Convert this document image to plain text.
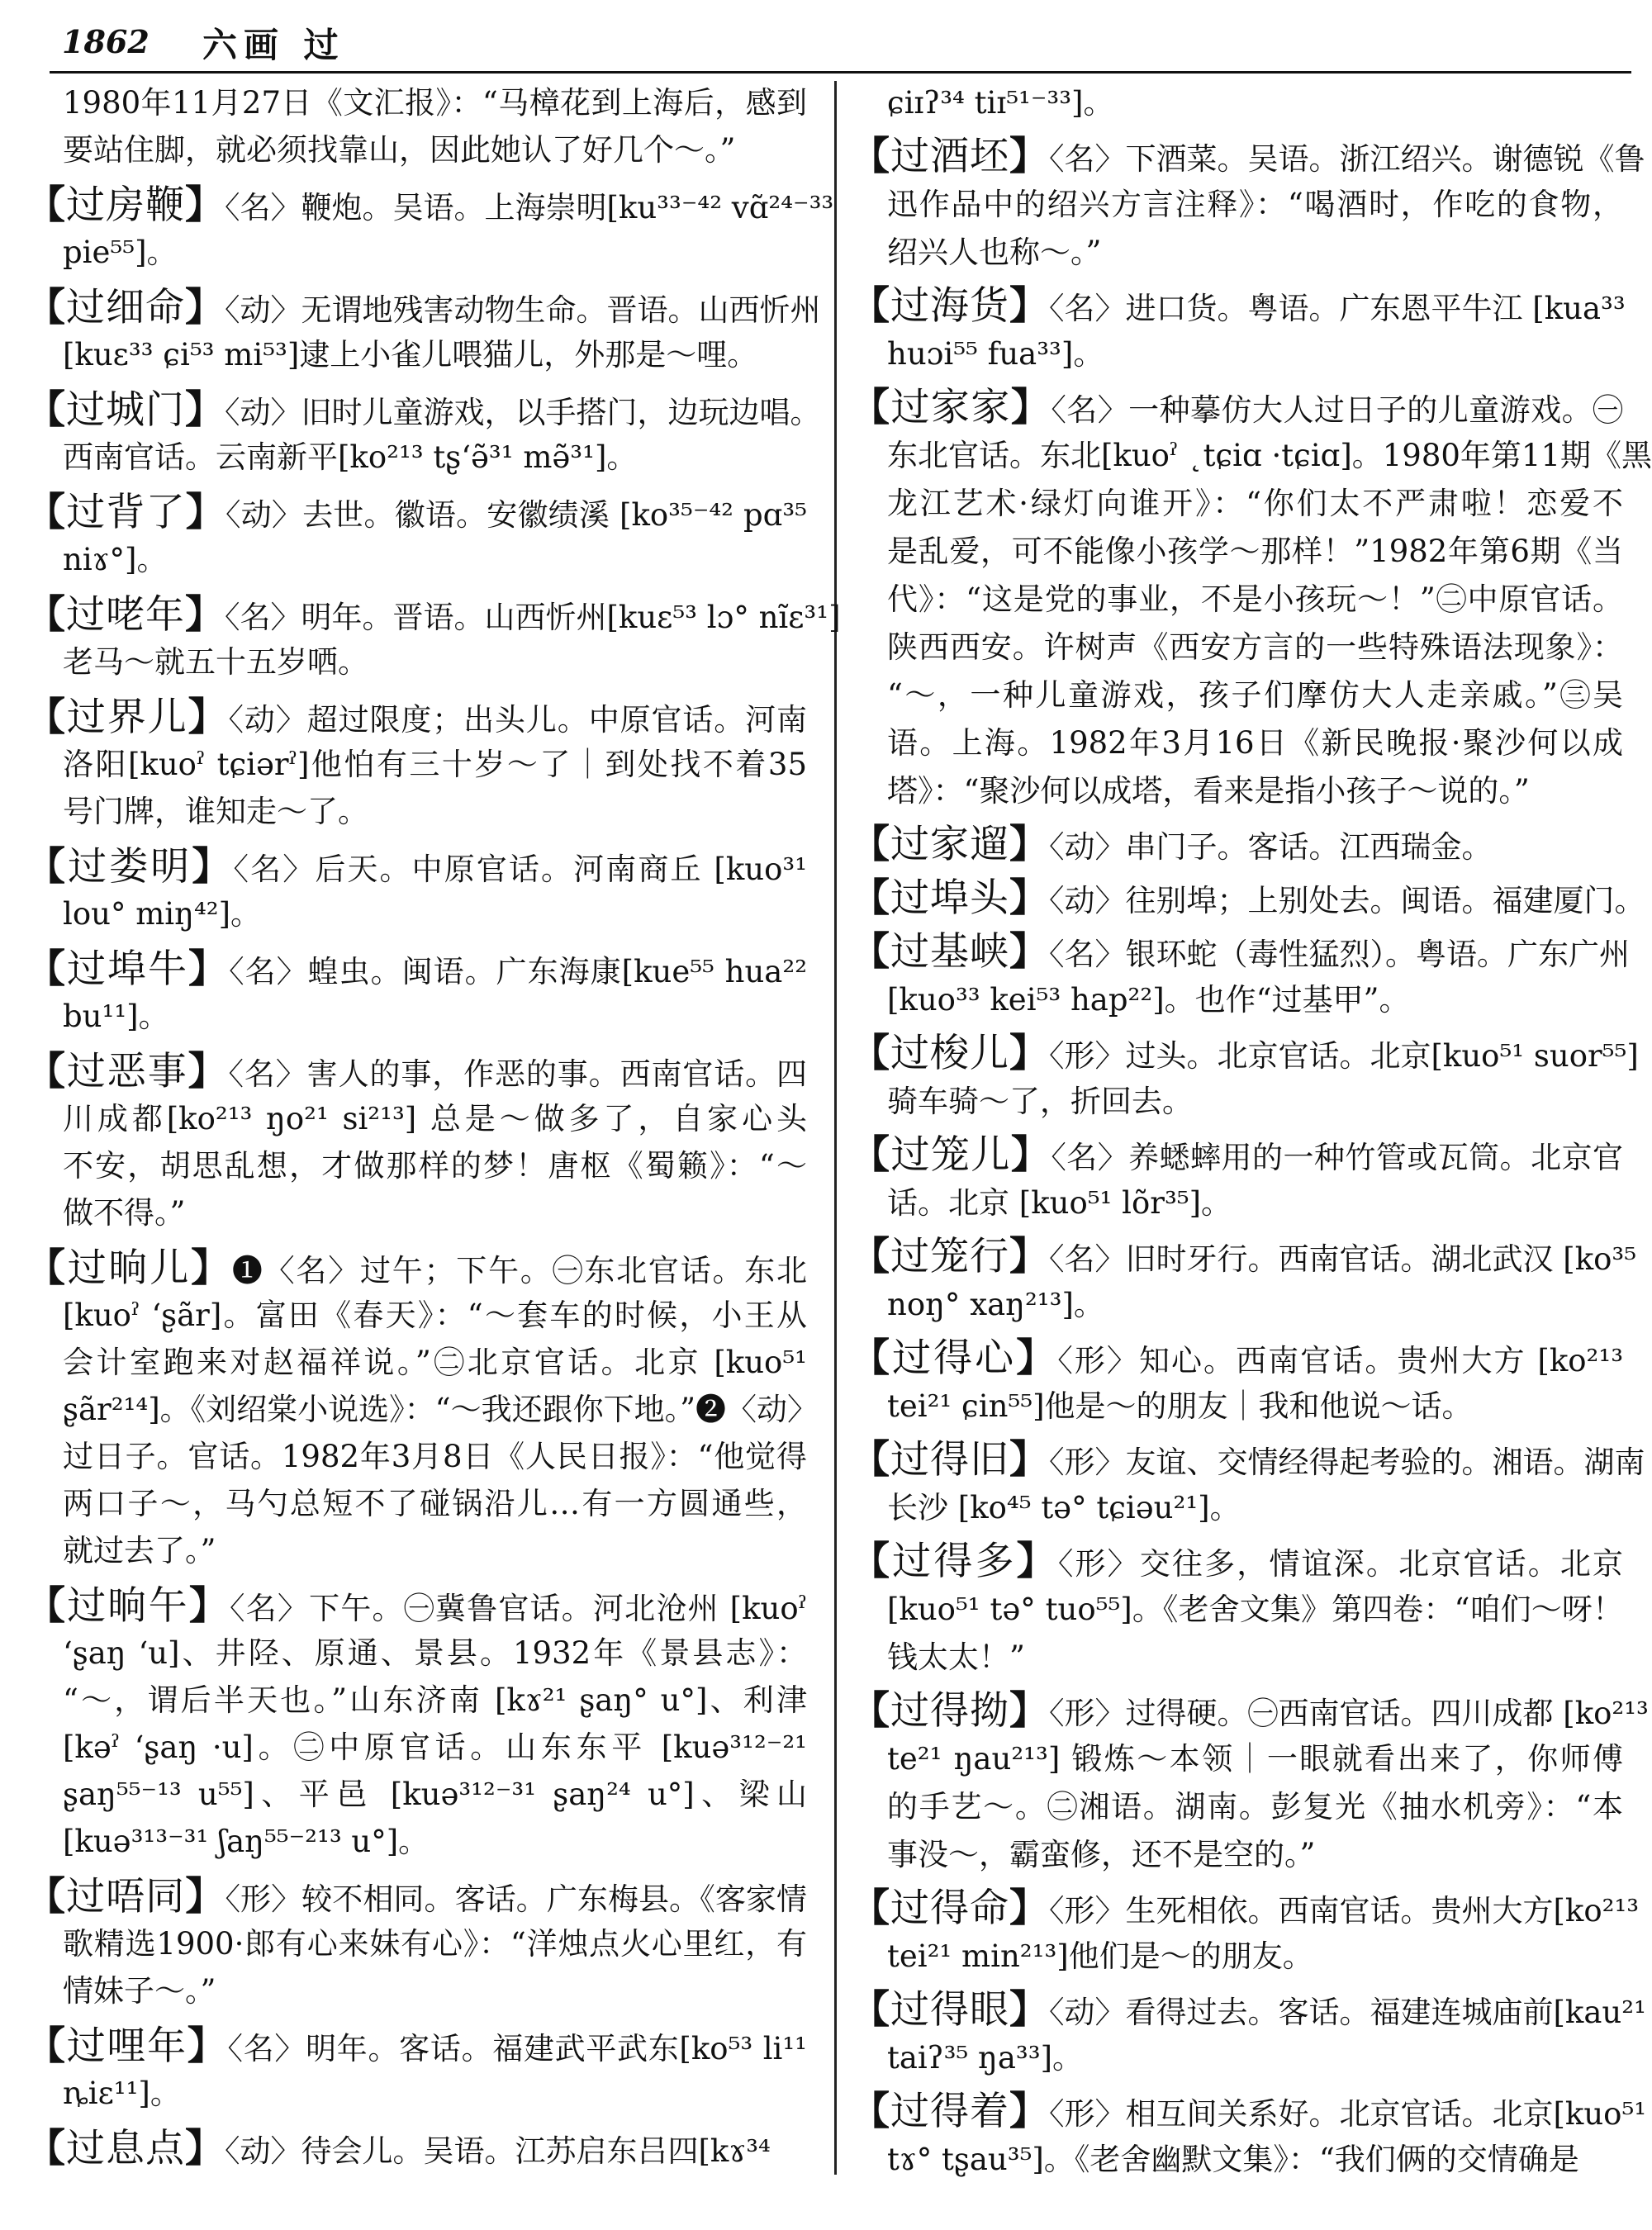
1862 六画 过
1980年11月27日《文汇报》：“马樟花到上海后，感到
要站住脚，就必须找靠山，因此她认了好几个～。”
【过房鞭】〈名〉鞭炮。吴语。上海崇明[ku³³⁻⁴² vɑ̃²⁴⁻³³
pie⁵⁵]。
【过细命】〈动〉无谓地残害动物生命。晋语。山西忻州
[kuɛ³³ ɕi⁵³ mi⁵³]逮上小雀儿喂猫儿，外那是～哩。
【过城门】〈动〉旧时儿童游戏，以手搭门，边玩边唱。
西南官话。云南新平[ko²¹³ tʂʻə̃³¹ mə̃³¹]。
【过背了】〈动〉去世。徽语。安徽绩溪 [ko³⁵⁻⁴² pɑ³⁵
niɤ°]。
【过咾年】〈名〉明年。晋语。山西忻州[kuɛ⁵³ lɔ° nĩɛ³¹]
老马～就五十五岁哂。
【过界儿】〈动〉超过限度；出头儿。中原官话。河南
洛阳[kuoˀ tɕiərˀ]他怕有三十岁～了｜到处找不着35
号门牌，谁知走～了。
【过娄明】〈名〉后天。中原官话。河南商丘 [kuo³¹
lou° miŋ⁴²]。
【过埠牛】〈名〉蝗虫。闽语。广东海康[kue⁵⁵ hua²²
bu¹¹]。
【过恶事】〈名〉害人的事，作恶的事。西南官话。四
川成都[ko²¹³ ŋo²¹ si²¹³] 总是～做多了，自家心头
不安，胡思乱想，才做那样的梦！唐枢《蜀籁》：“～
做不得。”
【过晌儿】❶〈名〉过午；下午。㊀东北官话。东北
[kuoˀ ʻʂãr]。富田《春天》：“～套车的时候，小王从
会计室跑来对赵福祥说。”㊁北京官话。北京 [kuo⁵¹
ʂãr²¹⁴]。《刘绍棠小说选》：“～我还跟你下地。”❷〈动〉
过日子。官话。1982年3月8日《人民日报》：“他觉得
两口子～，马勺总短不了碰锅沿儿…有一方圆通些，
就过去了。”
【过晌午】〈名〉下午。㊀冀鲁官话。河北沧州 [kuoˀ
ʻʂaŋ ʻu]、井陉、原通、景县。1932年《景县志》：
“～，谓后半天也。”山东济南 [kɤ²¹ ʂaŋ° u°]、利津
[kəˀ ʻʂaŋ ·u]。㊁中原官话。山东东平 [kuə³¹²⁻²¹
ʂaŋ⁵⁵⁻¹³ u⁵⁵]、平邑 [kuə³¹²⁻³¹ ʂaŋ²⁴ u°]、梁山
[kuə³¹³⁻³¹ ʃaŋ⁵⁵⁻²¹³ u°]。
【过唔同】〈形〉较不相同。客话。广东梅县。《客家情
歌精选1900·郎有心来妹有心》：“洋烛点火心里红，有
情妹子～。”
【过哩年】〈名〉明年。客话。福建武平武东[ko⁵³ li¹¹
ȵiɛ¹¹]。
【过息点】〈动〉待会儿。吴语。江苏启东吕四[kɤ³⁴
ɕiɪʔ³⁴ tiɪ⁵¹⁻³³]。
【过酒坯】〈名〉下酒菜。吴语。浙江绍兴。谢德锐《鲁
迅作品中的绍兴方言注释》：“喝酒时，作吃的食物，
绍兴人也称～。”
【过海货】〈名〉进口货。粤语。广东恩平牛江 [kua³³
huɔi⁵⁵ fua³³]。
【过家家】〈名〉一种摹仿大人过日子的儿童游戏。㊀
东北官话。东北[kuoˀ ˛tɕiɑ ·tɕiɑ]。1980年第11期《黑
龙江艺术·绿灯向谁开》：“你们太不严肃啦！恋爱不
是乱爱，可不能像小孩学～那样！”1982年第6期《当
代》：“这是党的事业，不是小孩玩～！”㊁中原官话。
陕西西安。许树声《西安方言的一些特殊语法现象》：
“～，一种儿童游戏，孩子们摩仿大人走亲戚。”㊂吴
语。上海。1982年3月16日《新民晚报·聚沙何以成
塔》：“聚沙何以成塔，看来是指小孩子～说的。”
【过家遛】〈动〉串门子。客话。江西瑞金。
【过埠头】〈动〉往别埠；上别处去。闽语。福建厦门。
【过基峡】〈名〉银环蛇（毒性猛烈）。粤语。广东广州
[kuo³³ kei⁵³ hap²²]。也作“过基甲”。
【过梭儿】〈形〉过头。北京官话。北京[kuo⁵¹ suor⁵⁵]
骑车骑～了，折回去。
【过笼儿】〈名〉养蟋蟀用的一种竹管或瓦筒。北京官
话。北京 [kuo⁵¹ lõr³⁵]。
【过笼行】〈名〉旧时牙行。西南官话。湖北武汉 [ko³⁵
noŋ° xaŋ²¹³]。
【过得心】〈形〉知心。西南官话。贵州大方 [ko²¹³
tei²¹ ɕin⁵⁵]他是～的朋友｜我和他说～话。
【过得旧】〈形〉友谊、交情经得起考验的。湘语。湖南
长沙 [ko⁴⁵ tə° tɕiəu²¹]。
【过得多】〈形〉交往多，情谊深。北京官话。北京
[kuo⁵¹ tə° tuo⁵⁵]。《老舍文集》第四卷：“咱们～呀！
钱太太！”
【过得拗】〈形〉过得硬。㊀西南官话。四川成都 [ko²¹³
te²¹ ŋau²¹³] 锻炼～本领｜一眼就看出来了，你师傅
的手艺～。㊁湘语。湖南。彭复光《抽水机旁》：“本
事没～，霸蛮修，还不是空的。”
【过得命】〈形〉生死相依。西南官话。贵州大方[ko²¹³
tei²¹ min²¹³]他们是～的朋友。
【过得眼】〈动〉看得过去。客话。福建连城庙前[kau²¹
taiʔ³⁵ ŋa³³]。
【过得着】〈形〉相互间关系好。北京官话。北京[kuo⁵¹
tɤ° tʂau³⁵]。《老舍幽默文集》：“我们俩的交情确是
